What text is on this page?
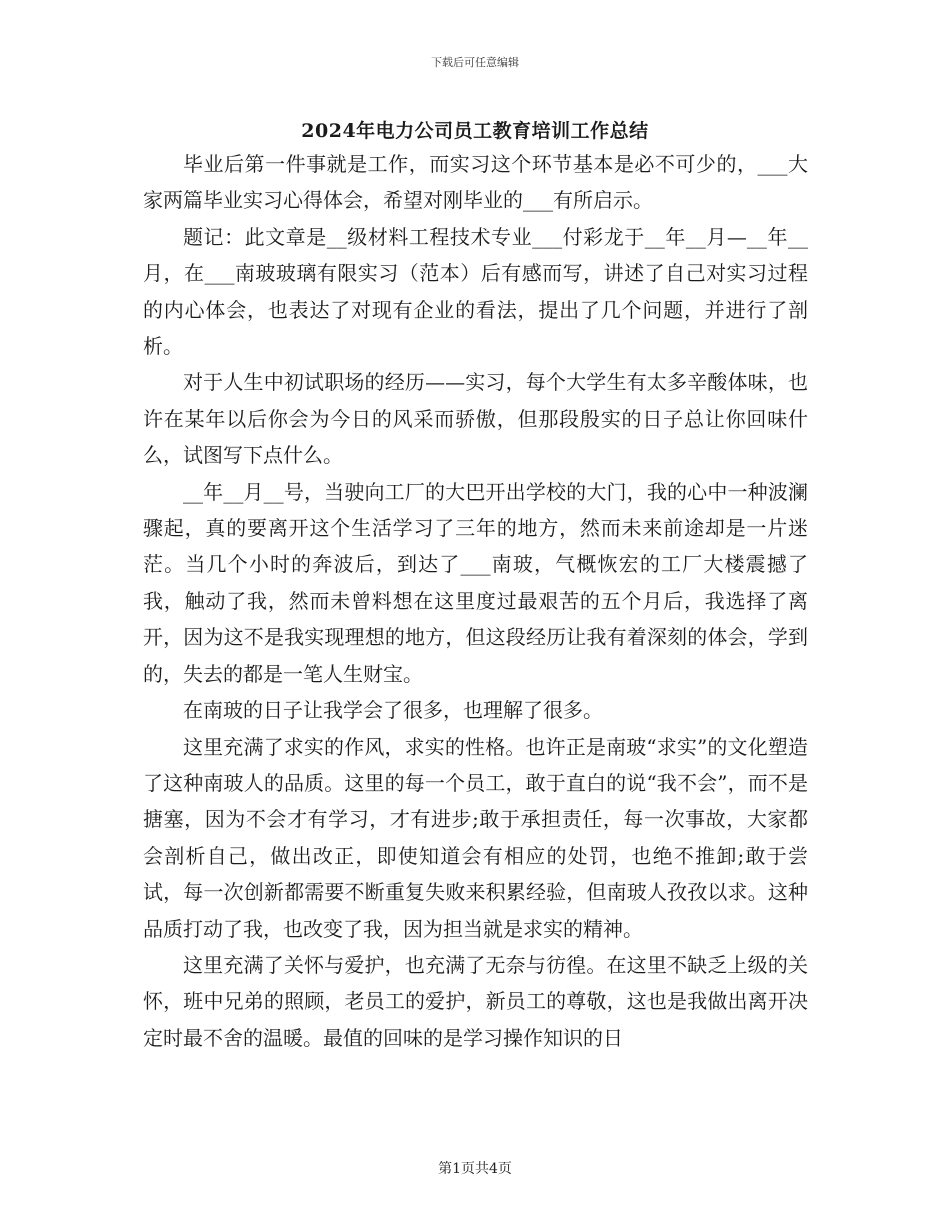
下载后可任意编辑
2024年电力公司员工教育培训工作总结

毕业后第一件事就是工作，而实习这个环节基本是必不可少的，___大家两篇毕业实习心得体会，希望对刚毕业的___有所启示。

题记：此文章是__级材料工程技术专业___付彩龙于__年__月—__年__月，在___南玻玻璃有限实习（范本）后有感而写，讲述了自己对实习过程的内心体会，也表达了对现有企业的看法，提出了几个问题，并进行了剖析。

对于人生中初试职场的经历——实习，每个大学生有太多辛酸体味，也许在某年以后你会为今日的风采而骄傲，但那段殷实的日子总让你回味什么，试图写下点什么。

__年__月__号，当驶向工厂的大巴开出学校的大门，我的心中一种波澜骤起，真的要离开这个生活学习了三年的地方，然而未来前途却是一片迷茫。当几个小时的奔波后，到达了___南玻，气概恢宏的工厂大楼震撼了我，触动了我，然而未曾料想在这里度过最艰苦的五个月后，我选择了离开，因为这不是我实现理想的地方，但这段经历让我有着深刻的体会，学到的，失去的都是一笔人生财宝。

在南玻的日子让我学会了很多，也理解了很多。

这里充满了求实的作风，求实的性格。也许正是南玻“求实”的文化塑造了这种南玻人的品质。这里的每一个员工，敢于直白的说“我不会”，而不是搪塞，因为不会才有学习，才有进步;敢于承担责任，每一次事故，大家都会剖析自己，做出改正，即使知道会有相应的处罚，也绝不推卸;敢于尝试，每一次创新都需要不断重复失败来积累经验，但南玻人孜孜以求。这种品质打动了我，也改变了我，因为担当就是求实的精神。

这里充满了关怀与爱护，也充满了无奈与彷徨。在这里不缺乏上级的关怀，班中兄弟的照顾，老员工的爱护，新员工的尊敬，这也是我做出离开决定时最不舍的温暖。最值的回味的是学习操作知识的日

第1页共4页
